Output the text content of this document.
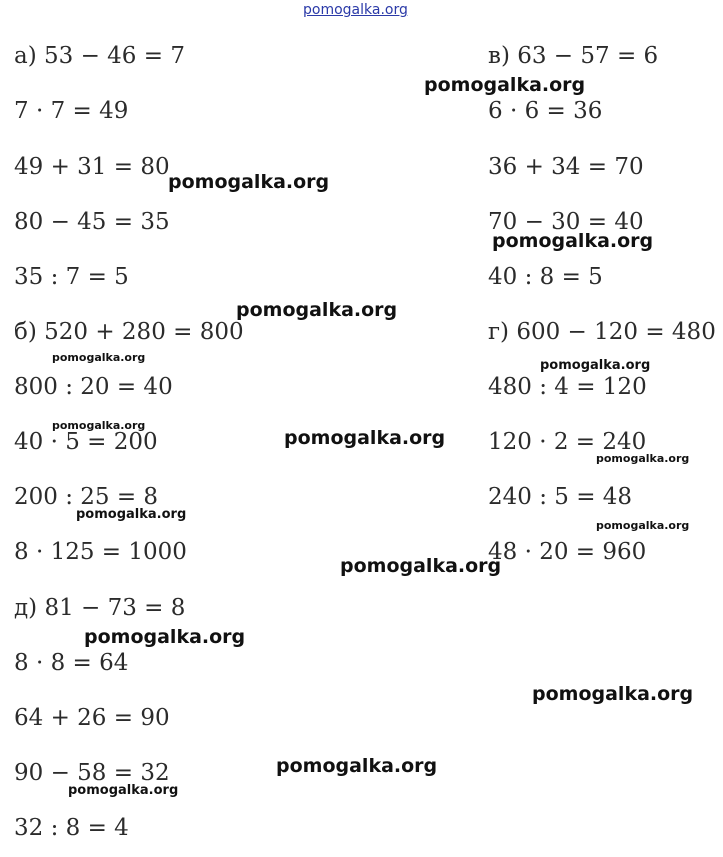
pomogalka.org
а) 53 − 46 = 7
7 · 7 = 49
49 + 31 = 80
80 − 45 = 35
35 : 7 = 5
б) 520 + 280 = 800
800 : 20 = 40
40 · 5 = 200
200 : 25 = 8
8 · 125 = 1000
д) 81 − 73 = 8
8 · 8 = 64
64 + 26 = 90
90 − 58 = 32
32 : 8 = 4
в) 63 − 57 = 6
6 · 6 = 36
36 + 34 = 70
70 − 30 = 40
40 : 8 = 5
г) 600 − 120 = 480
480 : 4 = 120
120 · 2 = 240
240 : 5 = 48
48 · 20 = 960
pomogalka.org
pomogalka.org
pomogalka.org
pomogalka.org
pomogalka.org
pomogalka.org
pomogalka.org
pomogalka.org
pomogalka.org
pomogalka.org
pomogalka.org
pomogalka.org
pomogalka.org
pomogalka.org
pomogalka.org
pomogalka.org
